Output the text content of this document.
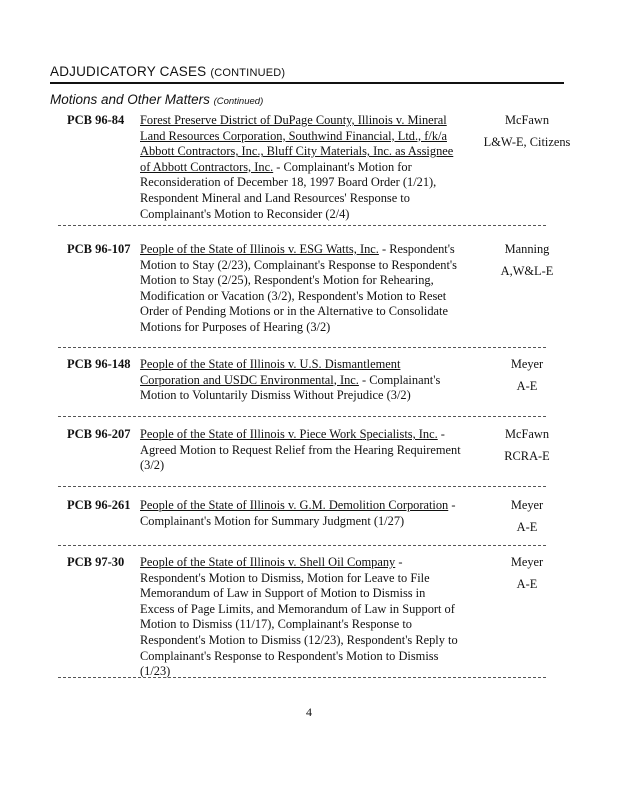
ADJUDICATORY CASES (CONTINUED)
Motions and Other Matters (Continued)
PCB 96-84	Forest Preserve District of DuPage County, Illinois v. Mineral Land Resources Corporation, Southwind Financial, Ltd., f/k/a Abbott Contractors, Inc., Bluff City Materials, Inc. as Assignee of Abbott Contractors, Inc. - Complainant's Motion for Reconsideration of December 18, 1997 Board Order (1/21), Respondent Mineral and Land Resources' Response to Complainant's Motion to Reconsider (2/4)
McFawn
L&W-E, Citizens
PCB 96-107 People of the State of Illinois v. ESG Watts, Inc. - Respondent's Motion to Stay (2/23), Complainant's Response to Respondent's Motion to Stay (2/25), Respondent's Motion for Rehearing, Modification or Vacation (3/2), Respondent's Motion to Reset Order of Pending Motions or in the Alternative to Consolidate Motions for Purposes of Hearing (3/2)
Manning
A,W&L-E
PCB 96-148 People of the State of Illinois v. U.S. Dismantlement Corporation and USDC Environmental, Inc. - Complainant's Motion to Voluntarily Dismiss Without Prejudice (3/2)
Meyer
A-E
PCB 96-207 People of the State of Illinois v. Piece Work Specialists, Inc. - Agreed Motion to Request Relief from the Hearing Requirement (3/2)
McFawn
RCRA-E
PCB 96-261 People of the State of Illinois v. G.M. Demolition Corporation - Complainant's Motion for Summary Judgment (1/27)
Meyer
A-E
PCB 97-30	People of the State of Illinois v. Shell Oil Company - Respondent's Motion to Dismiss, Motion for Leave to File Memorandum of Law in Support of Motion to Dismiss in Excess of Page Limits, and Memorandum of Law in Support of Motion to Dismiss (11/17), Complainant's Response to Respondent's Motion to Dismiss (12/23), Respondent's Reply to Complainant's Response to Respondent's Motion to Dismiss (1/23)
Meyer
A-E
4
